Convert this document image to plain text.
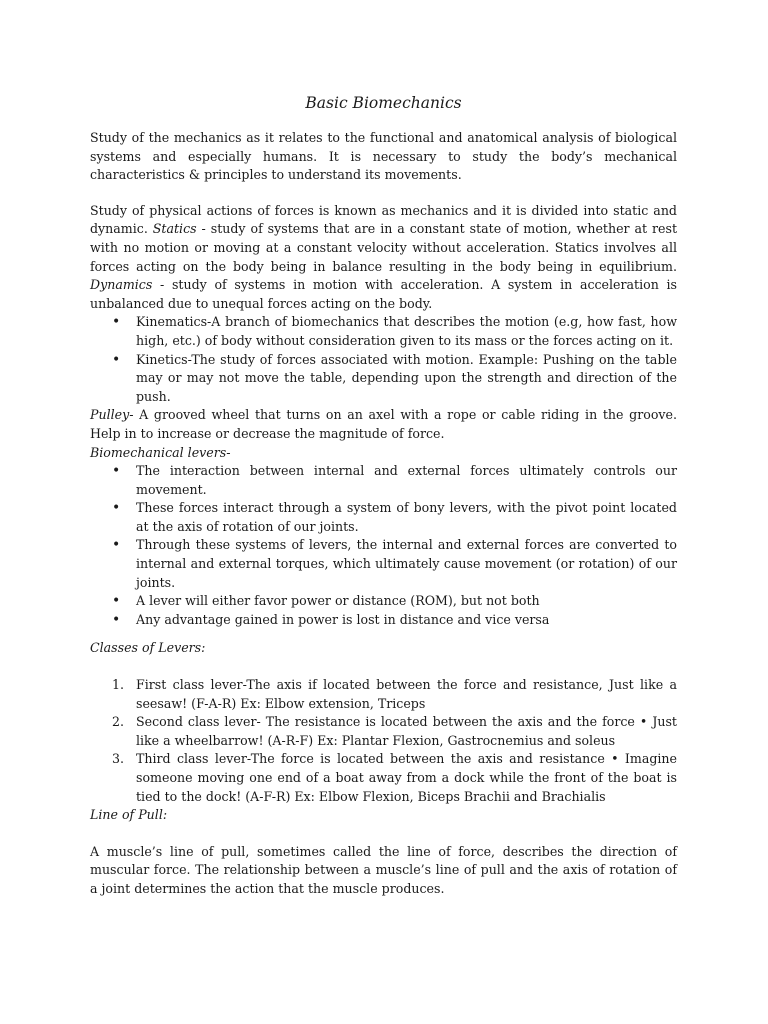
Basic Biomechanics

Study of the mechanics as it relates to the functional and anatomical analysis of biological systems and especially humans. It is necessary to study the body’s mechanical characteristics & principles to understand its movements.

Study of physical actions of forces is known as mechanics and it is divided into static and dynamic. Statics - study of systems that are in a constant state of motion, whether at rest with no motion or moving at a constant velocity without acceleration. Statics involves all forces acting on the body being in balance resulting in the body being in equilibrium. Dynamics - study of systems in motion with acceleration. A system in acceleration is unbalanced due to unequal forces acting on the body.

• Kinematics-A branch of biomechanics that describes the motion (e.g, how fast, how high, etc.) of body without consideration given to its mass or the forces acting on it.
• Kinetics-The study of forces associated with motion. Example: Pushing on the table may or may not move the table, depending upon the strength and direction of the push.

Pulley- A grooved wheel that turns on an axel with a rope or cable riding in the groove. Help in to increase or decrease the magnitude of force.

Biomechanical levers-

• The interaction between internal and external forces ultimately controls our movement.
• These forces interact through a system of bony levers, with the pivot point located at the axis of rotation of our joints.
• Through these systems of levers, the internal and external forces are converted to internal and external torques, which ultimately cause movement (or rotation) of our joints.
• A lever will either favor power or distance (ROM), but not both
• Any advantage gained in power is lost in distance and vice versa

Classes of Levers:

1. First class lever-The axis if located between the force and resistance, Just like a seesaw! (F-A-R) Ex: Elbow extension, Triceps
2. Second class lever- The resistance is located between the axis and the force • Just like a wheelbarrow! (A-R-F) Ex: Plantar Flexion, Gastrocnemius and soleus
3. Third class lever-The force is located between the axis and resistance • Imagine someone moving one end of a boat away from a dock while the front of the boat is tied to the dock! (A-F-R) Ex: Elbow Flexion, Biceps Brachii and Brachialis

Line of Pull:

A muscle’s line of pull, sometimes called the line of force, describes the direction of muscular force. The relationship between a muscle’s line of pull and the axis of rotation of a joint determines the action that the muscle produces.
